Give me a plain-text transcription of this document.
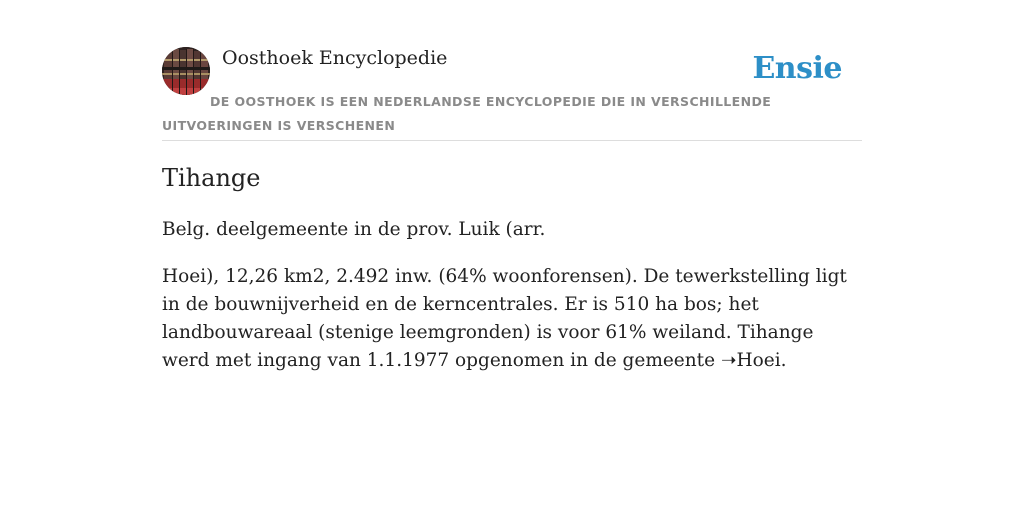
Oosthoek Encyclopedie	Ensie
DE OOSTHOEK IS EEN NEDERLANDSE ENCYCLOPEDIE DIE IN VERSCHILLENDE UITVOERINGEN IS VERSCHENEN
Tihange

Belg. deelgemeente in de prov. Luik (arr.

Hoei), 12,26 km2, 2.492 inw. (64% woonforensen). De tewerkstelling ligt in de bouwnijverheid en de kerncentrales. Er is 510 ha bos; het landbouwareaal (stenige leemgronden) is voor 61% weiland. Tihange werd met ingang van 1.1.1977 opgenomen in de gemeente ➝Hoei.
